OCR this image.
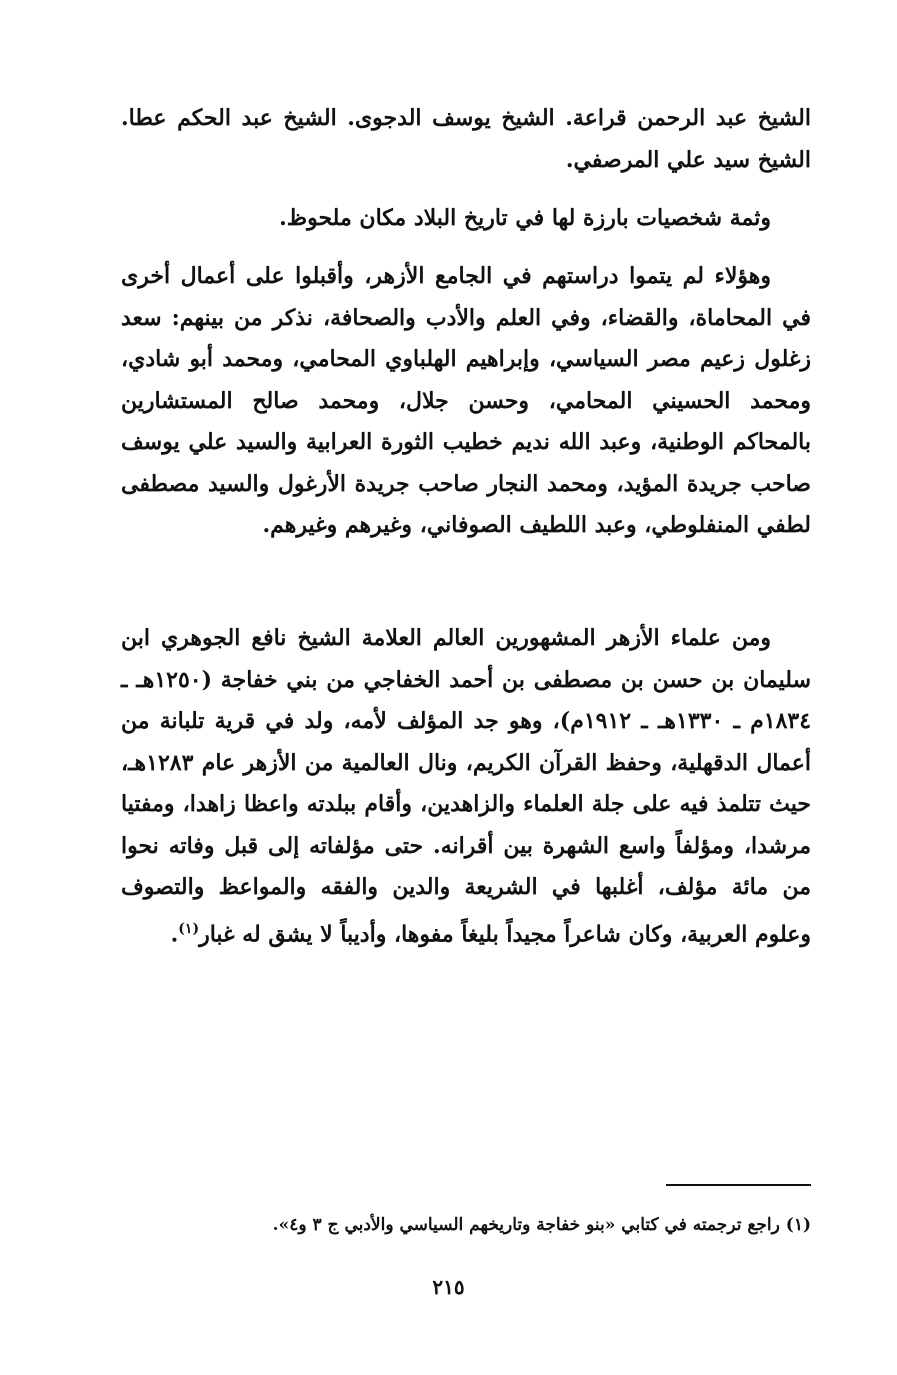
الشيخ عبد الرحمن قراعة. الشيخ يوسف الدجوى. الشيخ عبد الحكم عطا. الشيخ سيد علي المرصفي.

وثمة شخصيات بارزة لها في تاريخ البلاد مكان ملحوظ.

وهؤلاء لم يتموا دراستهم في الجامع الأزهر، وأقبلوا على أعمال أخرى في المحاماة، والقضاء، وفي العلم والأدب والصحافة، نذكر من بينهم: سعد زغلول زعيم مصر السياسي، وإبراهيم الهلباوي المحامي، ومحمد أبو شادي، ومحمد الحسيني المحامي، وحسن جلال، ومحمد صالح المستشارين بالمحاكم الوطنية، وعبد الله نديم خطيب الثورة العرابية والسيد علي يوسف صاحب جريدة المؤيد، ومحمد النجار صاحب جريدة الأرغول والسيد مصطفى لطفي المنفلوطي، وعبد اللطيف الصوفاني، وغيرهم وغيرهم.

ومن علماء الأزهر المشهورين العالم العلامة الشيخ نافع الجوهري ابن سليمان بن حسن بن مصطفى بن أحمد الخفاجي من بني خفاجة (١٢٥٠هـ ـ ١٨٣٤م ـ ١٣٣٠هـ ـ ١٩١٢م)، وهو جد المؤلف لأمه، ولد في قرية تلبانة من أعمال الدقهلية، وحفظ القرآن الكريم، ونال العالمية من الأزهر عام ١٢٨٣هـ، حيث تتلمذ فيه على جلة العلماء والزاهدين، وأقام ببلدته واعظا زاهدا، ومفتيا مرشدا، ومؤلفاً واسع الشهرة بين أقرانه. حتى مؤلفاته إلى قبل وفاته نحوا من مائة مؤلف، أغلبها في الشريعة والدين والفقه والمواعظ والتصوف وعلوم العربية، وكان شاعراً مجيداً بليغاً مفوها، وأديباً لا يشق له غبار$^{(١)}$.

(١) راجع ترجمته في كتابي «بنو خفاجة وتاريخهم السياسي والأدبي ج ٣ و٤».
٢١٥
